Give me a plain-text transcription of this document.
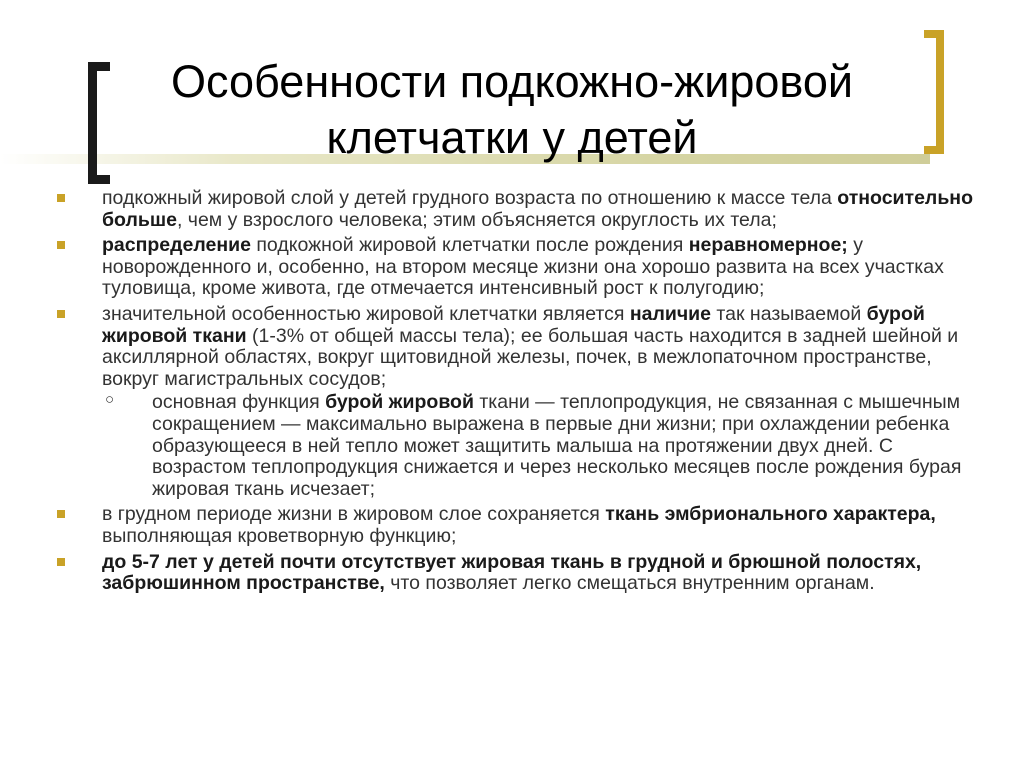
Особенности подкожно-жировой
клетчатки у детей
подкожный жировой слой у детей грудного возраста по отношению к массе тела относительно больше, чем у взрослого человека; этим объясняется округлость их тела;
распределение подкожной жировой клетчатки после рождения неравномерное; у новорожденного и, особенно, на втором месяце жизни она хорошо развита на всех участках туловища, кроме живота, где отмечается интенсивный рост к полугодию;
значительной особенностью жировой клетчатки является наличие так называемой бурой жировой ткани (1-3% от общей массы тела); ее большая часть находится в задней шейной и аксиллярной областях, вокруг щитовидной железы, почек, в межлопаточном пространстве, вокруг магистральных сосудов;
○ основная функция бурой жировой ткани — теплопродукция, не связанная с мышечным сокращением — максимально выражена в первые дни жизни; при охлаждении ребенка образующееся в ней тепло может защитить малыша на протяжении двух дней. С возрастом теплопродукция снижается и через несколько месяцев после рождения бурая жировая ткань исчезает;
в грудном периоде жизни в жировом слое сохраняется ткань эмбрионального характера, выполняющая кроветворную функцию;
до 5-7 лет у детей почти отсутствует жировая ткань в грудной и брюшной полостях, забрюшинном пространстве, что позволяет легко смещаться внутренним органам.
